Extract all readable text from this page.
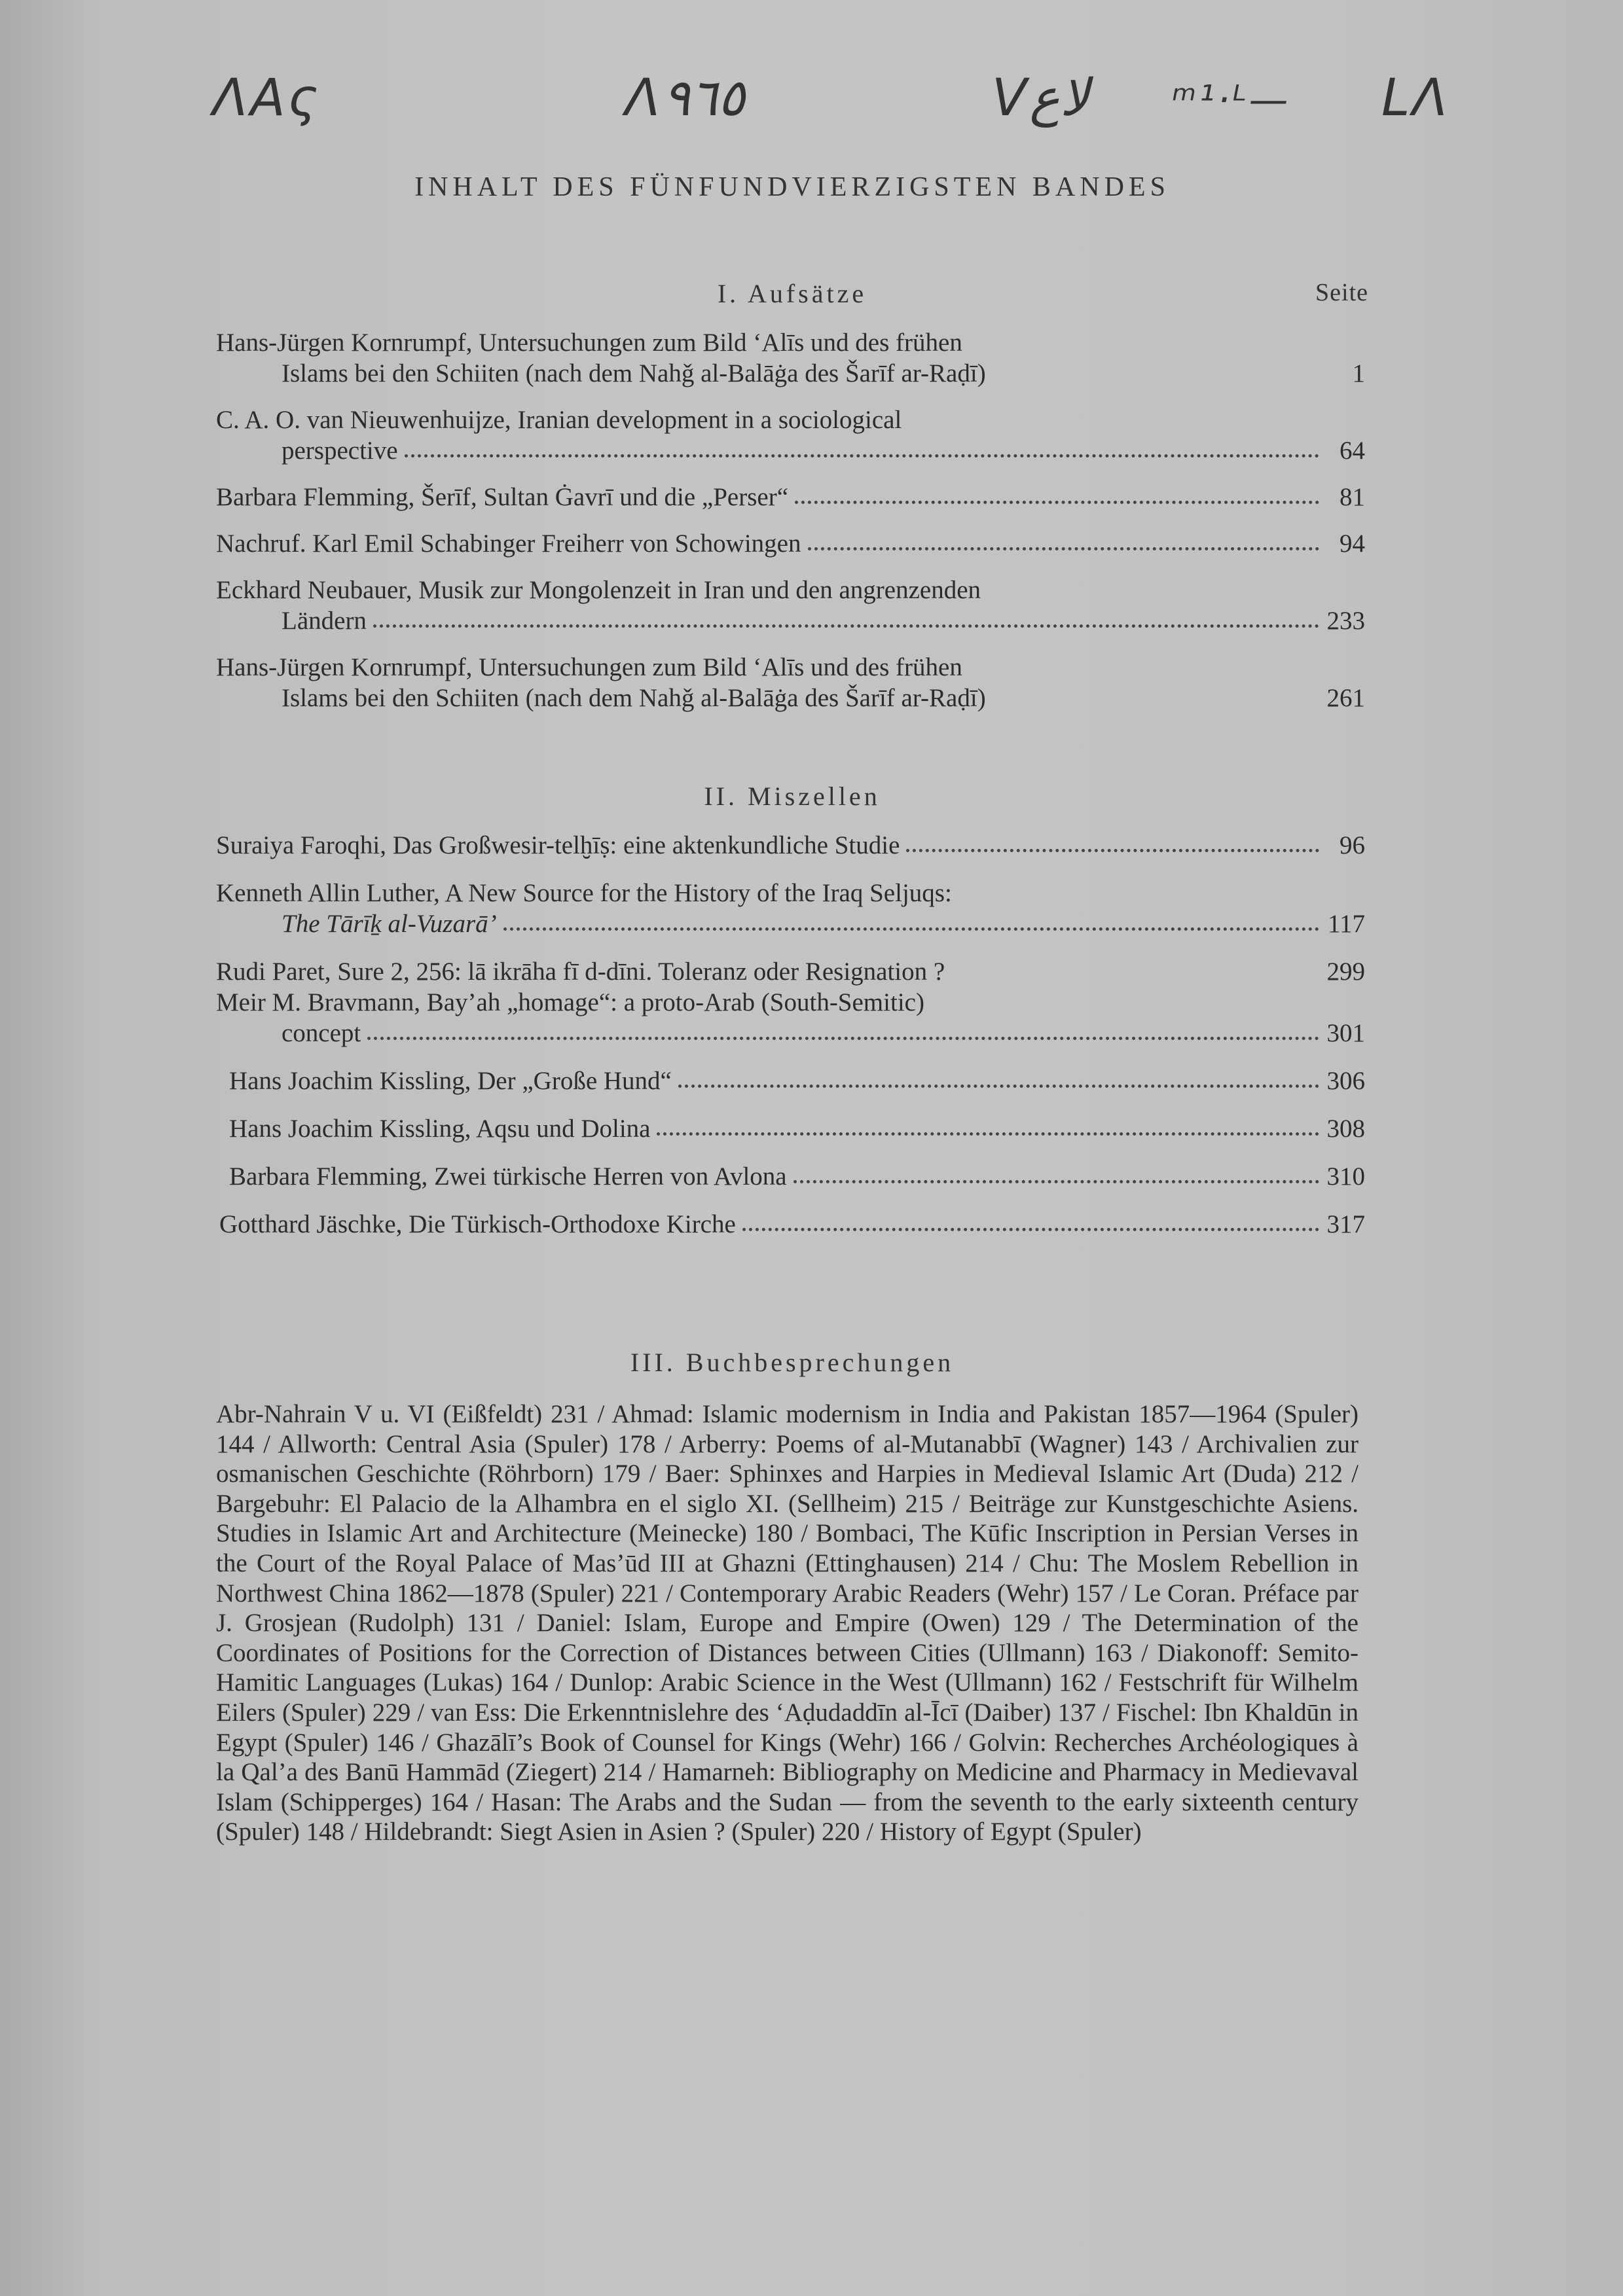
ΛΑς	Λ٩٦٥	Vلاع ᵐ¹·ᴸ— LΛ
INHALT DES FÜNFUNDVIERZIGSTEN BANDES
I. Aufsätze	Seite
Hans-Jürgen Kornrumpf, Untersuchungen zum Bild ‘Alīs und des frühen
Islams bei den Schiiten (nach dem Nahǧ al-Balāġa des Šarīf ar-Raḍī)	1
C. A. O. van Nieuwenhuijze, Iranian development in a sociological
perspective	64
Barbara Flemming, Šerīf, Sultan Ġavrī und die „Perser“	81
Nachruf. Karl Emil Schabinger Freiherr von Schowingen	94
Eckhard Neubauer, Musik zur Mongolenzeit in Iran und den angrenzenden
Ländern	233
Hans-Jürgen Kornrumpf, Untersuchungen zum Bild ‘Alīs und des frühen
Islams bei den Schiiten (nach dem Nahǧ al-Balāġa des Šarīf ar-Raḍī)	261
II. Miszellen
Suraiya Faroqhi, Das Großwesir-telḫīṣ: eine aktenkundliche Studie	96
Kenneth Allin Luther, A New Source for the History of the Iraq Seljuqs:
The Tārīḵ al-Vuzarā’	117
Rudi Paret, Sure 2, 256: lā ikrāha fī d-dīni. Toleranz oder Resignation ?	299
Meir M. Bravmann, Bay’ah „homage“: a proto-Arab (South-Semitic)
concept	301
Hans Joachim Kissling, Der „Große Hund“	306
Hans Joachim Kissling, Aqsu und Dolina	308
Barbara Flemming, Zwei türkische Herren von Avlona	310
Gotthard Jäschke, Die Türkisch-Orthodoxe Kirche	317
III. Buchbesprechungen
Abr-Nahrain V u. VI (Eißfeldt) 231 / Ahmad: Islamic modernism in India and Pakistan 1857—1964 (Spuler) 144 / Allworth: Central Asia (Spuler) 178 / Arberry: Poems of al-Mutanabbī (Wagner) 143 / Archivalien zur osmanischen Geschichte (Röhrborn) 179 / Baer: Sphinxes and Harpies in Medieval Islamic Art (Duda) 212 / Bargebuhr: El Palacio de la Alhambra en el siglo XI. (Sellheim) 215 / Beiträge zur Kunstgeschichte Asiens. Studies in Islamic Art and Architecture (Meinecke) 180 / Bombaci, The Kūfic Inscription in Persian Verses in the Court of the Royal Palace of Mas’ūd III at Ghazni (Ettinghausen) 214 / Chu: The Moslem Rebellion in Northwest China 1862—1878 (Spuler) 221 / Contemporary Arabic Readers (Wehr) 157 / Le Coran. Préface par J. Grosjean (Rudolph) 131 / Daniel: Islam, Europe and Empire (Owen) 129 / The Determination of the Coordinates of Positions for the Correction of Distances between Cities (Ullmann) 163 / Diakonoff: Semito-Hamitic Languages (Lukas) 164 / Dunlop: Arabic Science in the West (Ullmann) 162 / Festschrift für Wilhelm Eilers (Spuler) 229 / van Ess: Die Erkenntnislehre des ‘Aḍudaddīn al-Īcī (Daiber) 137 / Fischel: Ibn Khaldūn in Egypt (Spuler) 146 / Ghazālī’s Book of Counsel for Kings (Wehr) 166 / Golvin: Recherches Archéologiques à la Qal’a des Banū Hammād (Ziegert) 214 / Hamarneh: Bibliography on Medicine and Pharmacy in Medievaval Islam (Schipperges) 164 / Hasan: The Arabs and the Sudan — from the seventh to the early sixteenth century (Spuler) 148 / Hildebrandt: Siegt Asien in Asien ? (Spuler) 220 / History of Egypt (Spuler)
